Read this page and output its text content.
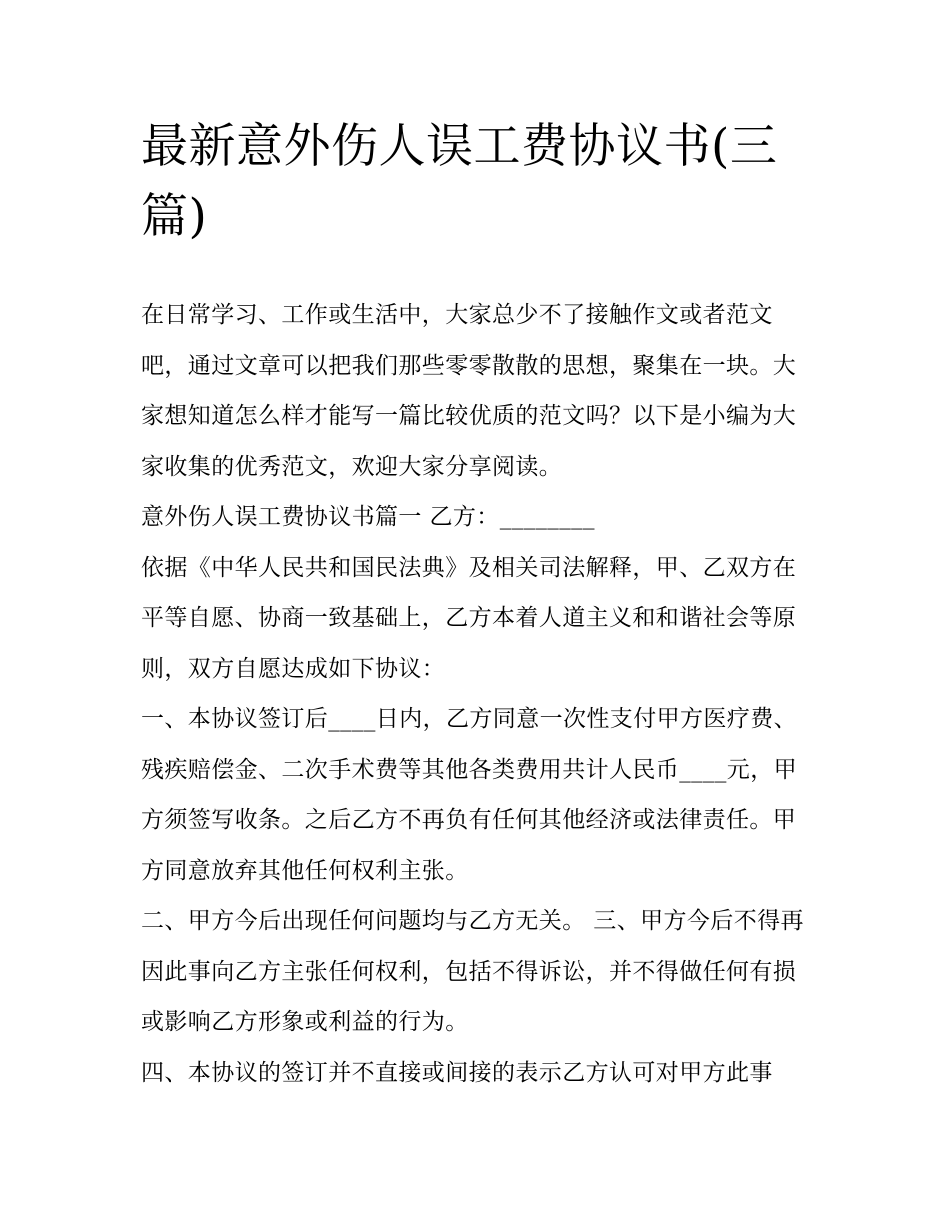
最新意外伤人误工费协议书(三篇)

在日常学习、工作或生活中，大家总少不了接触作文或者范文吧，通过文章可以把我们那些零零散散的思想，聚集在一块。大家想知道怎么样才能写一篇比较优质的范文吗？以下是小编为大家收集的优秀范文，欢迎大家分享阅读。

意外伤人误工费协议书篇一 乙方：________

依据《中华人民共和国民法典》及相关司法解释，甲、乙双方在平等自愿、协商一致基础上，乙方本着人道主义和和谐社会等原则，双方自愿达成如下协议：

一、本协议签订后____日内，乙方同意一次性支付甲方医疗费、残疾赔偿金、二次手术费等其他各类费用共计人民币____元，甲方须签写收条。之后乙方不再负有任何其他经济或法律责任。甲方同意放弃其他任何权利主张。

二、甲方今后出现任何问题均与乙方无关。 三、甲方今后不得再因此事向乙方主张任何权利，包括不得诉讼，并不得做任何有损或影响乙方形象或利益的行为。

四、本协议的签订并不直接或间接的表示乙方认可对甲方此事
